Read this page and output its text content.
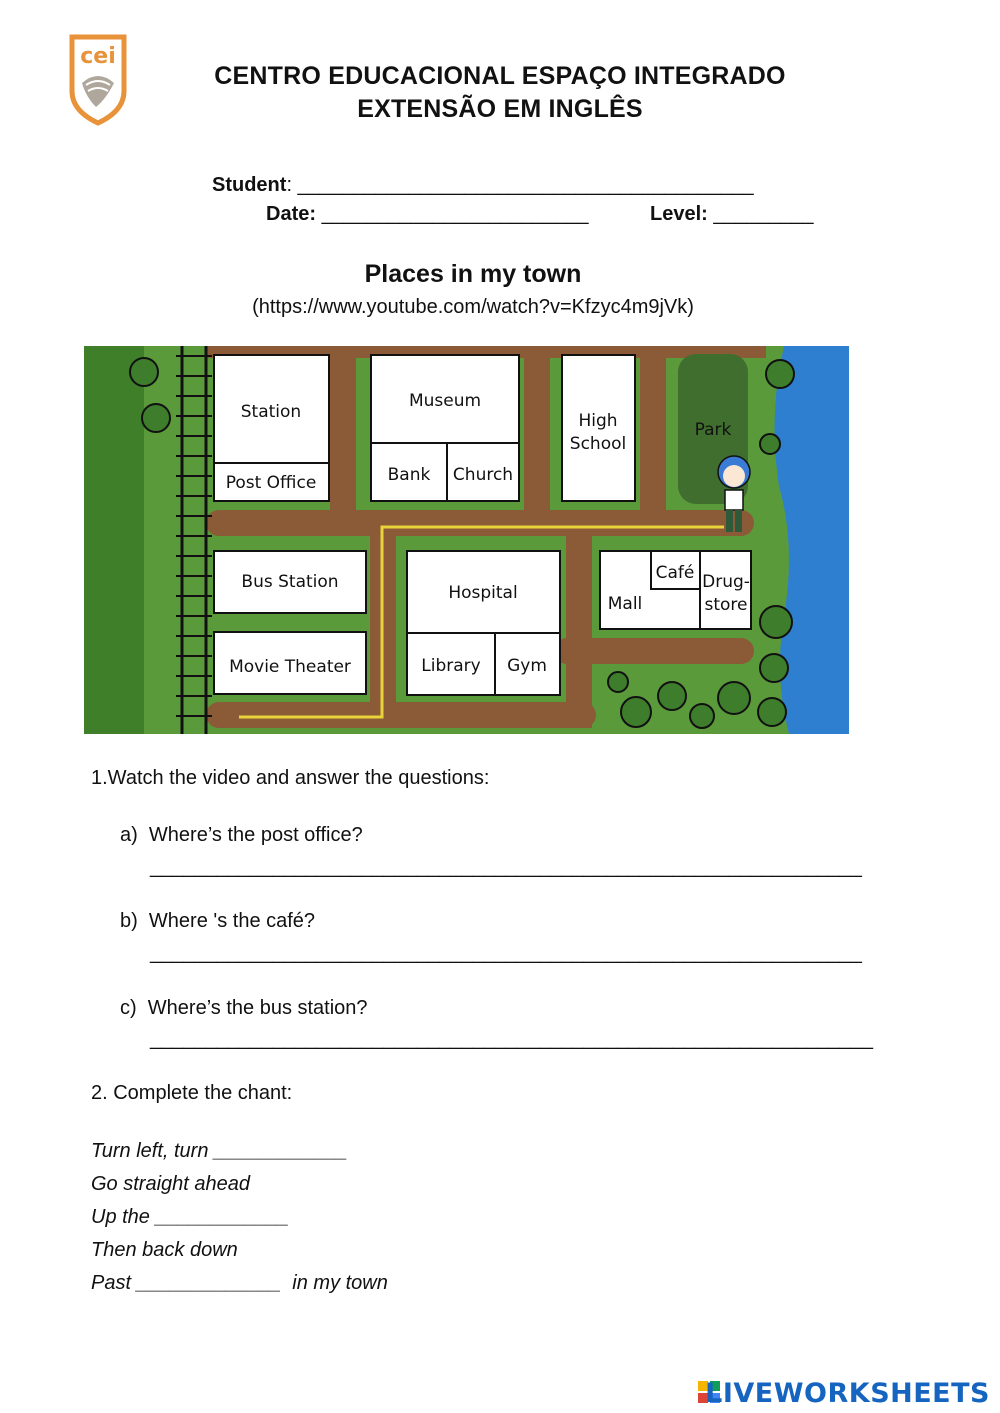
cei
CENTRO EDUCACIONAL ESPAÇO INTEGRADO
EXTENSÃO EM INGLÊS
Student: _________________________________________
Date: ________________________	Level: _________
Places in my town
(https://www.youtube.com/watch?v=Kfzyc4m9jVk)
Station
Post Office
Museum
Bank Church
High
School
Park
Bus Station
Movie Theater
Hospital
Library Gym
Mall
Café Drug-
store
1.Watch the video and answer the questions:
a) Where’s the post office?
________________________________________________________________
b) Where 's the café?
________________________________________________________________
c) Where’s the bus station?
_________________________________________________________________
2. Complete the chant:
Turn left, turn ____________
Go straight ahead
Up the ____________
Then back down
Past _____________  in my town
LIVEWORKSHEETS
